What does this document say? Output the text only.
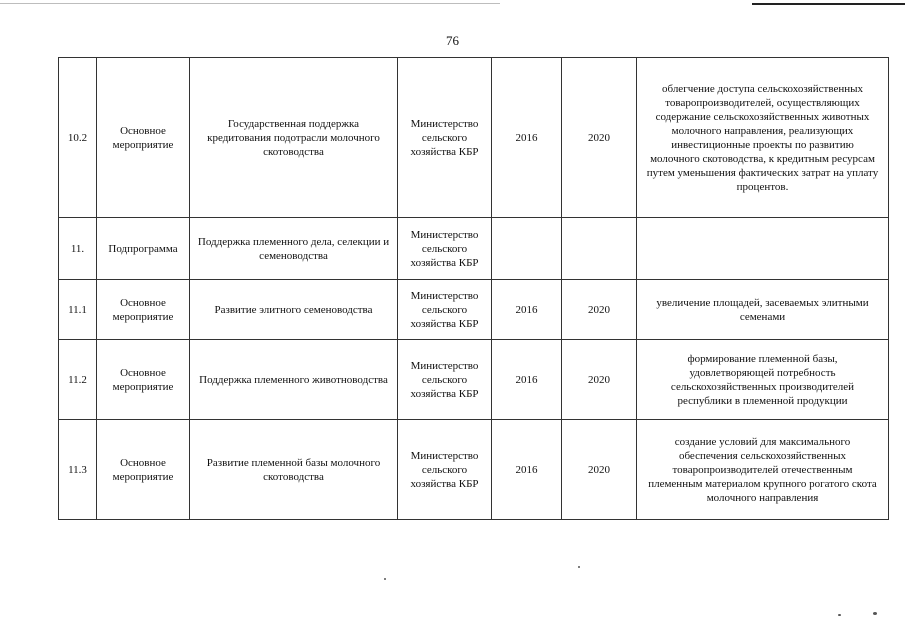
76
10.2	Основное мероприятие	Государственная поддержка кредитования подотрасли молочного скотоводства	Министерство сельского хозяйства КБР	2016	2020	облегчение доступа сельскохозяйственных товаропроизводителей, осуществляющих содержание сельскохозяйственных животных молочного направления, реализующих инвестиционные проекты по развитию молочного скотоводства, к кредитным ресурсам путем уменьшения фактических затрат на уплату процентов.
11.	Подпрограмма	Поддержка племенного дела, селекции и семеноводства	Министерство сельского хозяйства КБР			
11.1	Основное мероприятие	Развитие элитного семеноводства	Министерство сельского хозяйства КБР	2016	2020	увеличение площадей, засеваемых элитными семенами
11.2	Основное мероприятие	Поддержка племенного животноводства	Министерство сельского хозяйства КБР	2016	2020	формирование племенной базы, удовлетворяющей потребность сельскохозяйственных производителей республики в племенной продукции
11.3	Основное мероприятие	Развитие племенной базы молочного скотоводства	Министерство сельского хозяйства КБР	2016	2020	создание условий для максимального обеспечения сельскохозяйственных товаропроизводителей отечественным племенным материалом крупного рогатого скота молочного направления
